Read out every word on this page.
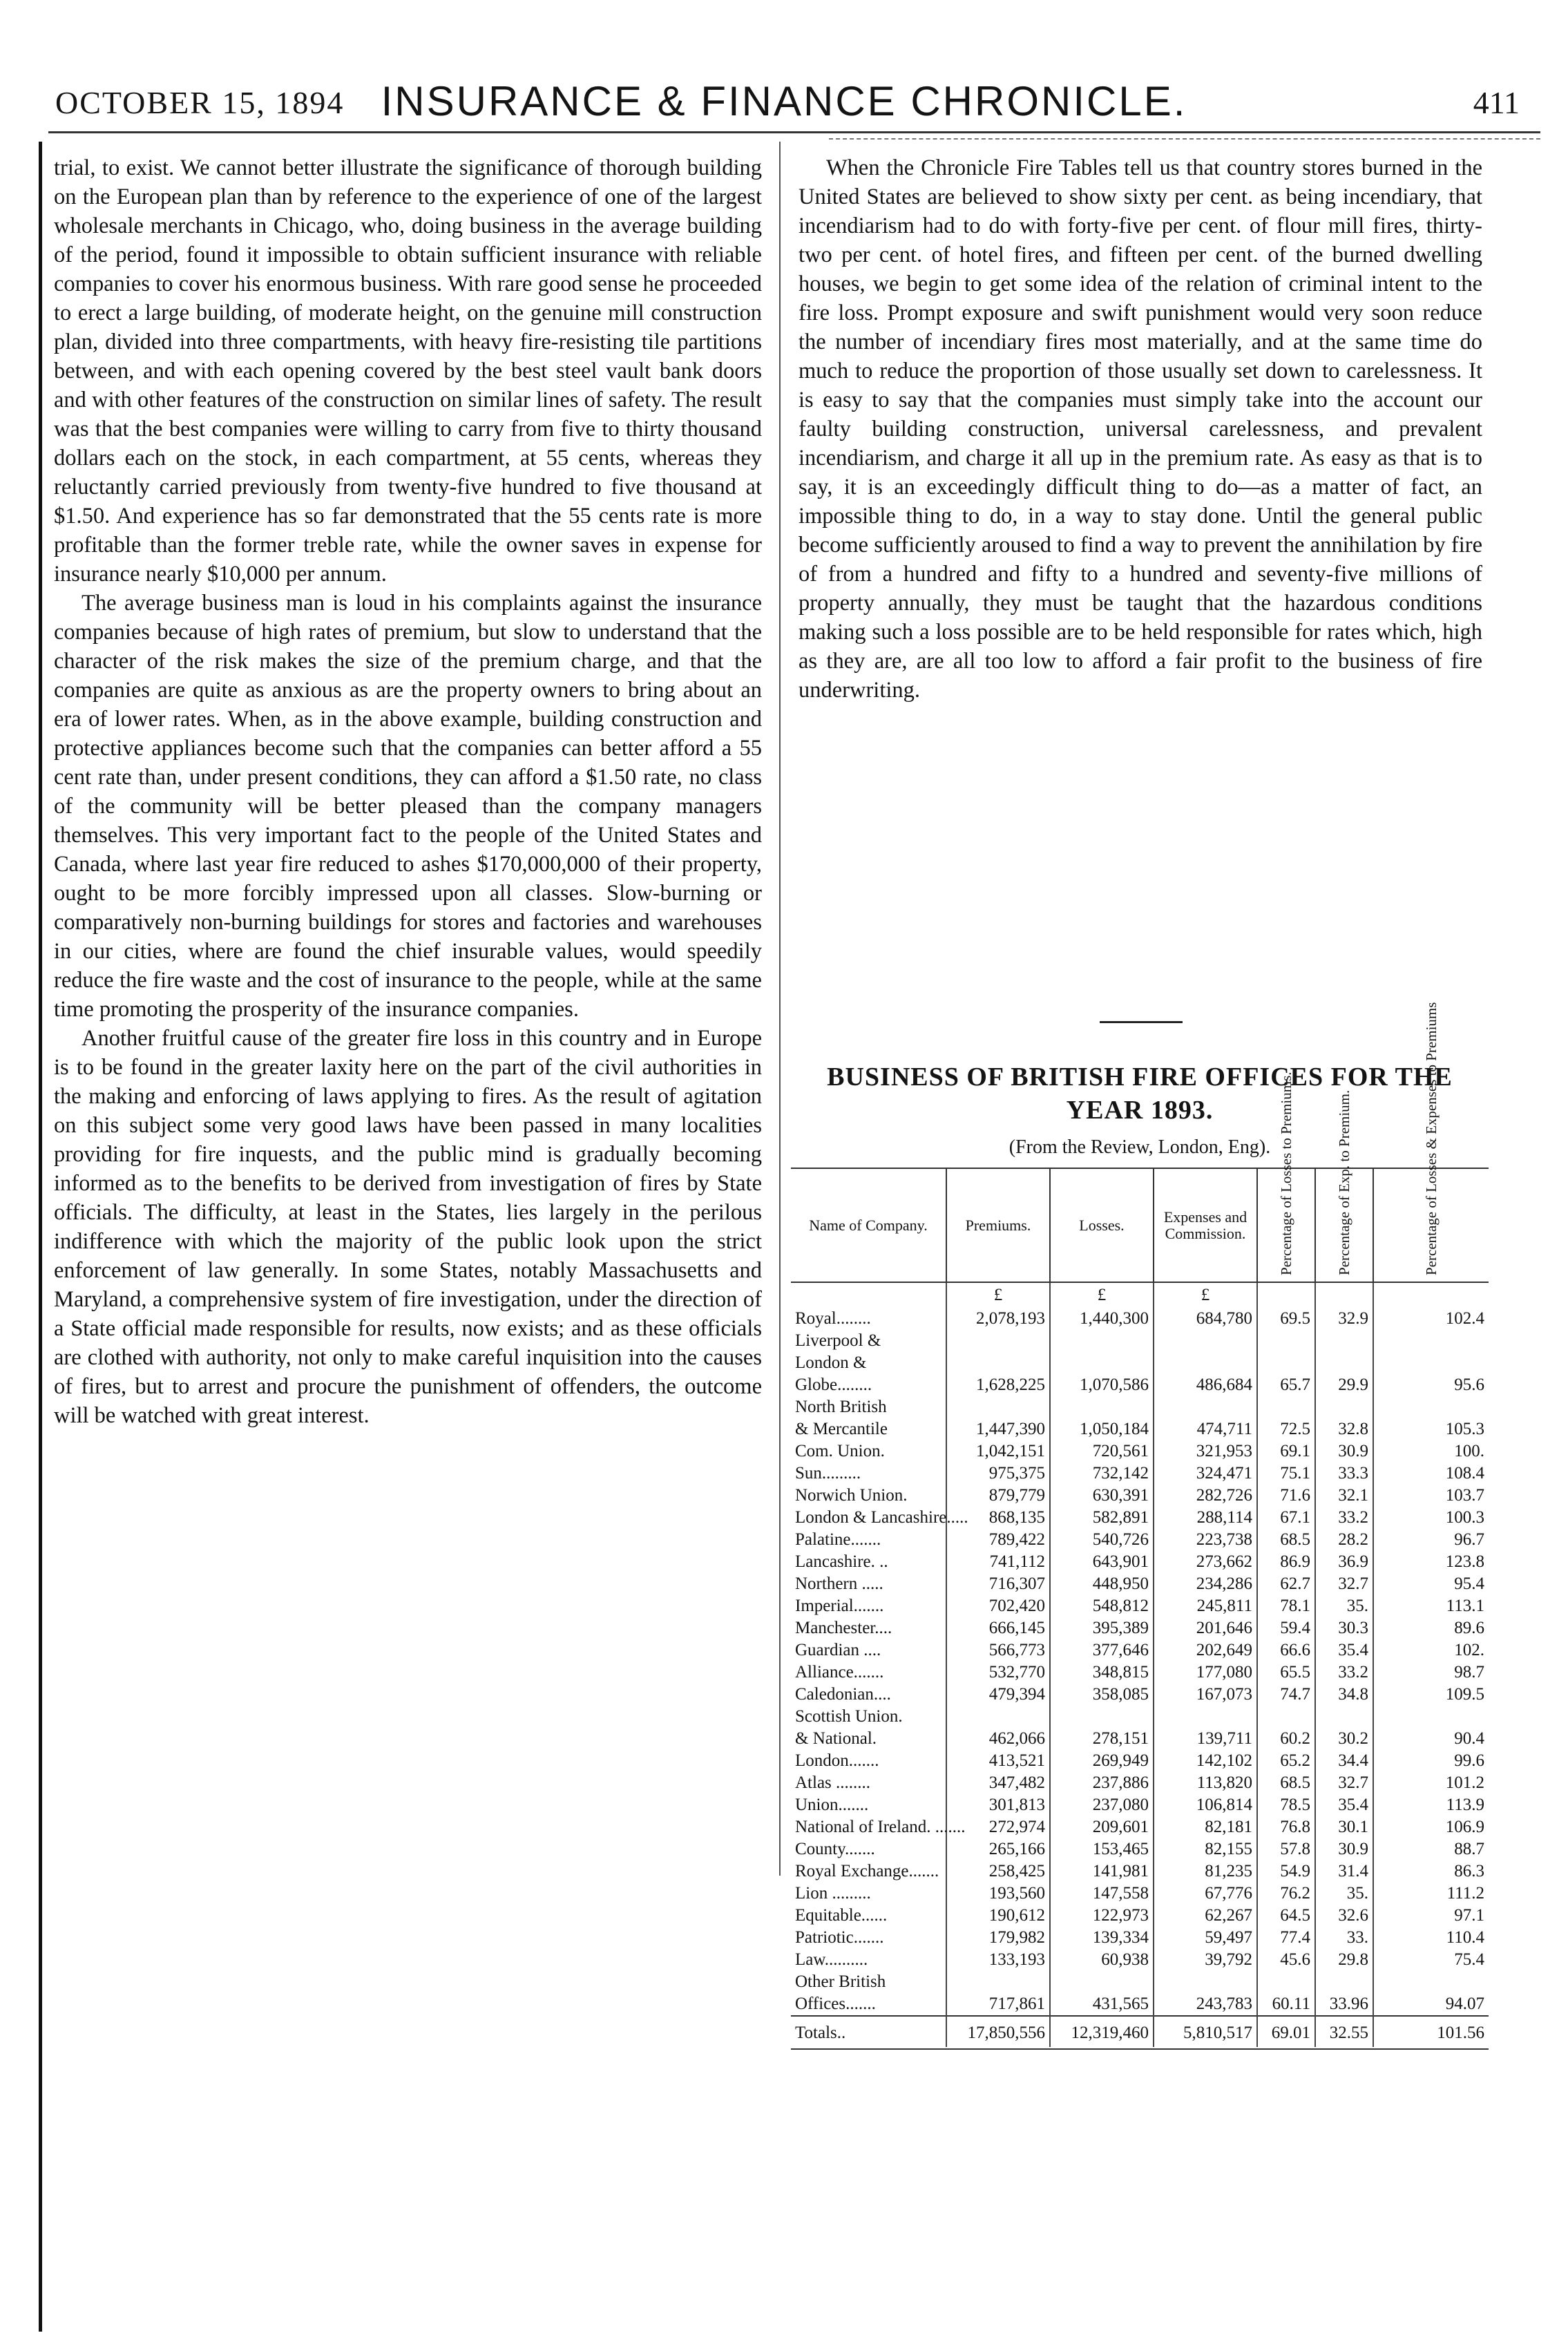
OCTOBER 15, 1894 INSURANCE & FINANCE CHRONICLE.	411

trial, to exist. We cannot better illustrate the significance of thorough building on the European plan than by reference to the experience of one of the largest wholesale merchants in Chicago, who, doing business in the average building of the period, found it impossible to obtain sufficient insurance with reliable companies to cover his enormous business. With rare good sense he proceeded to erect a large building, of moderate height, on the genuine mill construction plan, divided into three compartments, with heavy fire-resisting tile partitions between, and with each opening covered by the best steel vault bank doors and with other features of the construction on similar lines of safety. The result was that the best companies were willing to carry from five to thirty thousand dollars each on the stock, in each compartment, at 55 cents, whereas they reluctantly carried previously from twenty-five hundred to five thousand at $1.50. And experience has so far demonstrated that the 55 cents rate is more profitable than the former treble rate, while the owner saves in expense for insurance nearly $10,000 per annum.

The average business man is loud in his complaints against the insurance companies because of high rates of premium, but slow to understand that the character of the risk makes the size of the premium charge, and that the companies are quite as anxious as are the property owners to bring about an era of lower rates. When, as in the above example, building construction and protective appliances become such that the companies can better afford a 55 cent rate than, under present conditions, they can afford a $1.50 rate, no class of the community will be better pleased than the company managers themselves. This very important fact to the people of the United States and Canada, where last year fire reduced to ashes $170,000,000 of their property, ought to be more forcibly impressed upon all classes. Slow-burning or comparatively non-burning buildings for stores and factories and warehouses in our cities, where are found the chief insurable values, would speedily reduce the fire waste and the cost of insurance to the people, while at the same time promoting the prosperity of the insurance companies.

Another fruitful cause of the greater fire loss in this country and in Europe is to be found in the greater laxity here on the part of the civil authorities in the making and enforcing of laws applying to fires. As the result of agitation on this subject some very good laws have been passed in many localities providing for fire inquests, and the public mind is gradually becoming informed as to the benefits to be derived from investigation of fires by State officials. The difficulty, at least in the States, lies largely in the perilous indifference with which the majority of the public look upon the strict enforcement of law generally. In some States, notably Massachusetts and Maryland, a comprehensive system of fire investigation, under the direction of a State official made responsible for results, now exists; and as these officials are clothed with authority, not only to make careful inquisition into the causes of fires, but to arrest and procure the punishment of offenders, the outcome will be watched with great interest.

When the Chronicle Fire Tables tell us that country stores burned in the United States are believed to show sixty per cent. as being incendiary, that incendiarism had to do with forty-five per cent. of flour mill fires, thirty-two per cent. of hotel fires, and fifteen per cent. of the burned dwelling houses, we begin to get some idea of the relation of criminal intent to the fire loss. Prompt exposure and swift punishment would very soon reduce the number of incendiary fires most materially, and at the same time do much to reduce the proportion of those usually set down to carelessness. It is easy to say that the companies must simply take into the account our faulty building construction, universal carelessness, and prevalent incendiarism, and charge it all up in the premium rate. As easy as that is to say, it is an exceedingly difficult thing to do—as a matter of fact, an impossible thing to do, in a way to stay done. Until the general public become sufficiently aroused to find a way to prevent the annihilation by fire of from a hundred and fifty to a hundred and seventy-five millions of property annually, they must be taught that the hazardous conditions making such a loss possible are to be held responsible for rates which, high as they are, are all too low to afford a fair profit to the business of fire underwriting.

BUSINESS OF BRITISH FIRE OFFICES FOR THE YEAR 1893.
(From the Review, London, Eng).
Name of Company.	Premiums.	Losses.	Expenses and Commission.	Percentage of Losses to Premiums.	Percentage of Exp. to Premium.	Percentage of Losses & Expenses to Premiums
	£	£	£			
Royal........	2,078,193	1,440,300	684,780	69.5	32.9	102.4
Liverpool &						
London &						
Globe........	1,628,225	1,070,586	486,684	65.7	29.9	95.6
North British						
& Mercantile	1,447,390	1,050,184	474,711	72.5	32.8	105.3
Com. Union.	1,042,151	720,561	321,953	69.1	30.9	100.
Sun.........	975,375	732,142	324,471	75.1	33.3	108.4
Norwich Union.	879,779	630,391	282,726	71.6	32.1	103.7
London & Lancashire.....	868,135	582,891	288,114	67.1	33.2	100.3
Palatine.......	789,422	540,726	223,738	68.5	28.2	96.7
Lancashire. ..	741,112	643,901	273,662	86.9	36.9	123.8
Northern .....	716,307	448,950	234,286	62.7	32.7	95.4
Imperial.......	702,420	548,812	245,811	78.1	35.	113.1
Manchester....	666,145	395,389	201,646	59.4	30.3	89.6
Guardian ....	566,773	377,646	202,649	66.6	35.4	102.
Alliance.......	532,770	348,815	177,080	65.5	33.2	98.7
Caledonian....	479,394	358,085	167,073	74.7	34.8	109.5
Scottish Union.						
& National.	462,066	278,151	139,711	60.2	30.2	90.4
London.......	413,521	269,949	142,102	65.2	34.4	99.6
Atlas ........	347,482	237,886	113,820	68.5	32.7	101.2
Union.......	301,813	237,080	106,814	78.5	35.4	113.9
National of Ireland. .......	272,974	209,601	82,181	76.8	30.1	106.9
County.......	265,166	153,465	82,155	57.8	30.9	88.7
Royal Exchange.......	258,425	141,981	81,235	54.9	31.4	86.3
Lion .........	193,560	147,558	67,776	76.2	35.	111.2
Equitable......	190,612	122,973	62,267	64.5	32.6	97.1
Patriotic.......	179,982	139,334	59,497	77.4	33.	110.4
Law..........	133,193	60,938	39,792	45.6	29.8	75.4
Other British						
Offices.......	717,861	431,565	243,783	60.11	33.96	94.07
Totals..	17,850,556	12,319,460	5,810,517	69.01	32.55	101.56
